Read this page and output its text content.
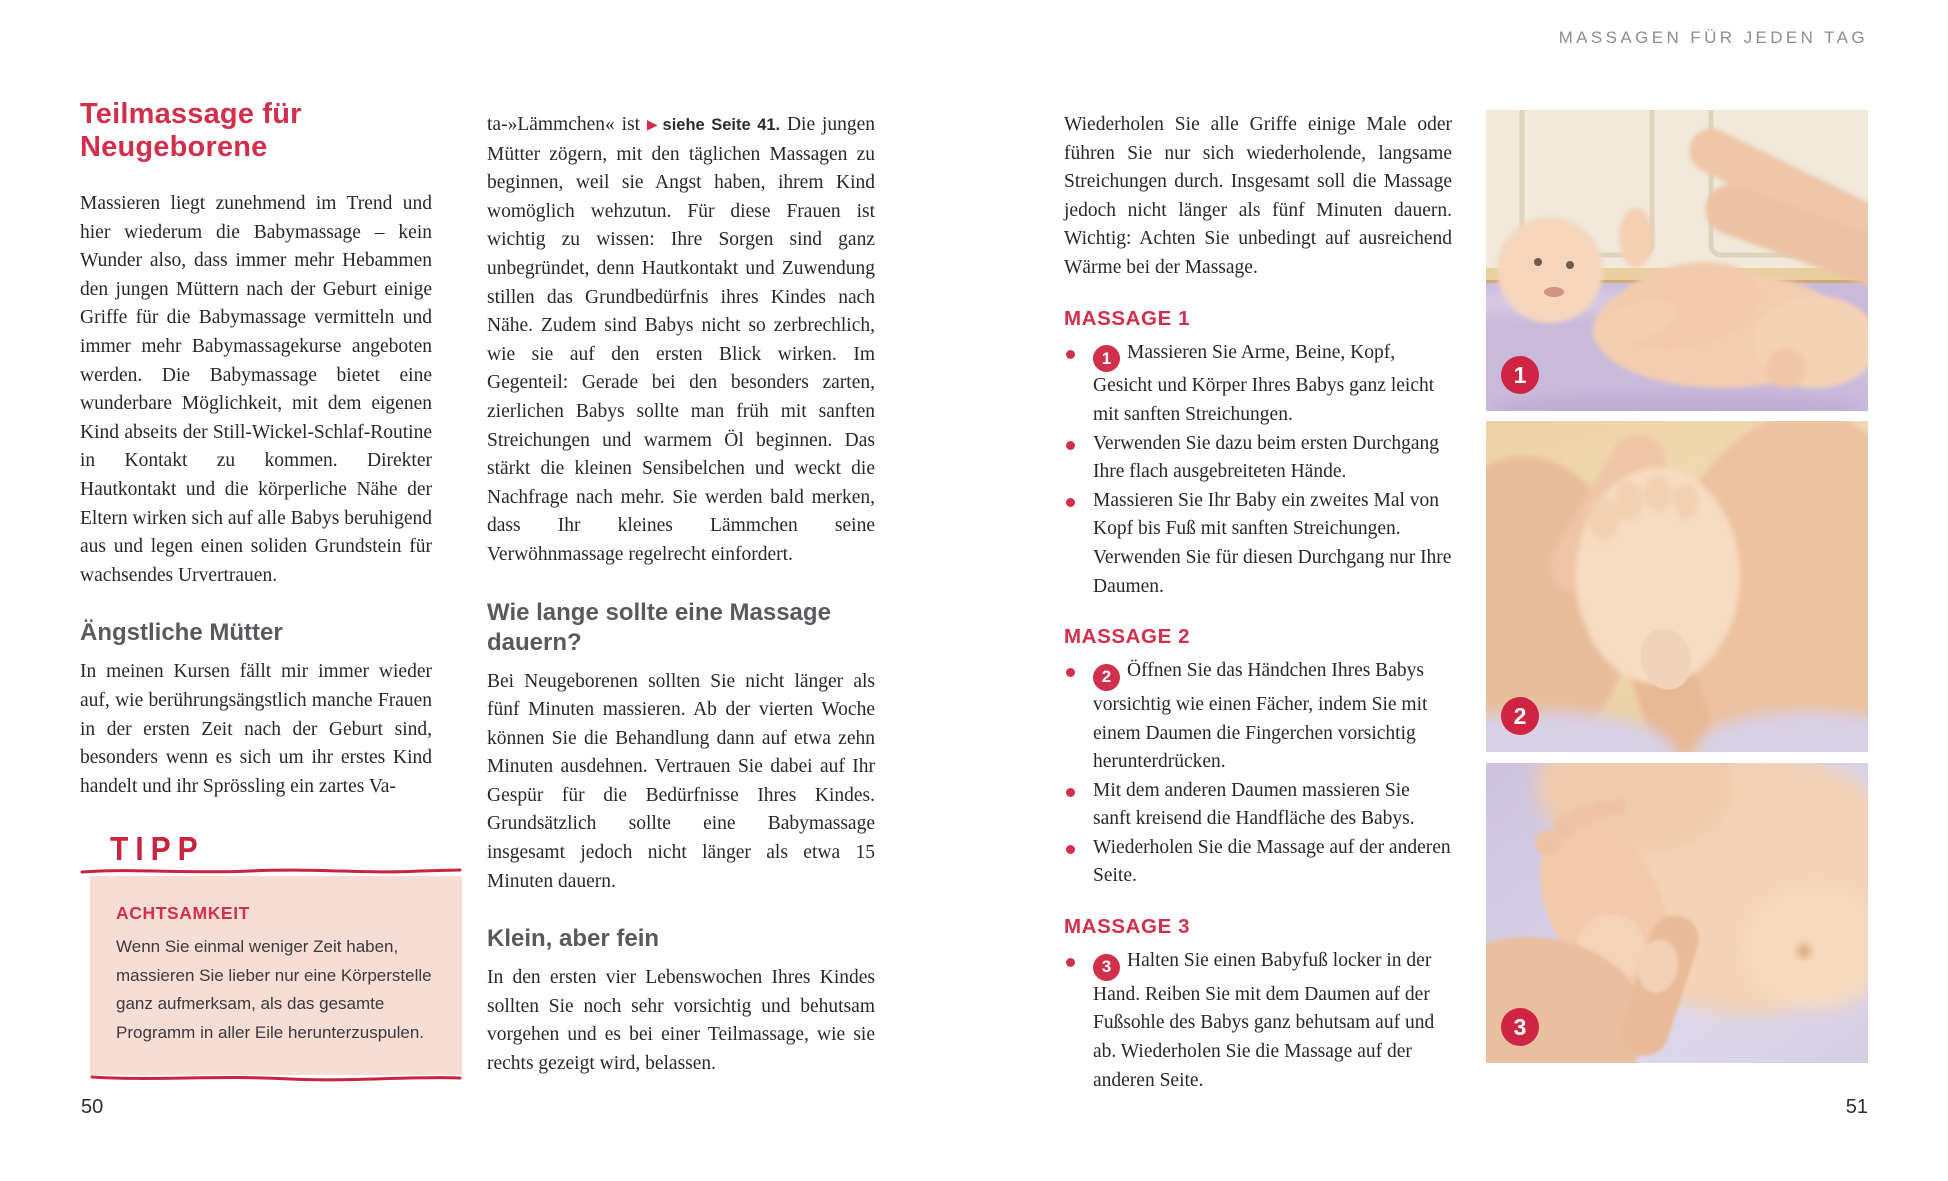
MASSAGEN FÜR JEDEN TAG
Teilmassage für Neugeborene

Massieren liegt zunehmend im Trend und hier wiederum die Babymassage – kein Wunder also, dass immer mehr Hebammen den jungen Müttern nach der Geburt einige Griffe für die Babymassage vermitteln und immer mehr Babymassagekurse angeboten werden. Die Babymassage bietet eine wunderbare Möglichkeit, mit dem eigenen Kind abseits der Still-Wickel-Schlaf-Routine in Kontakt zu kommen. Direkter Hautkontakt und die körperliche Nähe der Eltern wirken sich auf alle Babys beruhigend aus und legen einen soliden Grundstein für wachsendes Urvertrauen.

Ängstliche Mütter

In meinen Kursen fällt mir immer wieder auf, wie berührungsängstlich manche Frauen in der ersten Zeit nach der Geburt sind, besonders wenn es sich um ihr erstes Kind handelt und ihr Sprössling ein zartes Va-

TIPP
ACHTSAMKEIT
Wenn Sie einmal weniger Zeit haben, massieren Sie lieber nur eine Körperstelle ganz aufmerksam, als das gesamte Programm in aller Eile herunterzuspulen.

ta-»Lämmchen« ist ▶ siehe Seite 41. Die jungen Mütter zögern, mit den täglichen Massagen zu beginnen, weil sie Angst haben, ihrem Kind womöglich wehzutun. Für diese Frauen ist wichtig zu wissen: Ihre Sorgen sind ganz unbegründet, denn Hautkontakt und Zuwendung stillen das Grundbedürfnis ihres Kindes nach Nähe. Zudem sind Babys nicht so zerbrechlich, wie sie auf den ersten Blick wirken. Im Gegenteil: Gerade bei den besonders zarten, zierlichen Babys sollte man früh mit sanften Streichungen und warmem Öl beginnen. Das stärkt die kleinen Sensibelchen und weckt die Nachfrage nach mehr. Sie werden bald merken, dass Ihr kleines Lämmchen seine Verwöhnmassage regelrecht einfordert.

Wie lange sollte eine Massage dauern?

Bei Neugeborenen sollten Sie nicht länger als fünf Minuten massieren. Ab der vierten Woche können Sie die Behandlung dann auf etwa zehn Minuten ausdehnen. Vertrauen Sie dabei auf Ihr Gespür für die Bedürfnisse Ihres Kindes. Grundsätzlich sollte eine Babymassage insgesamt jedoch nicht länger als etwa 15 Minuten dauern.

Klein, aber fein

In den ersten vier Lebenswochen Ihres Kindes sollten Sie noch sehr vorsichtig und behutsam vorgehen und es bei einer Teilmassage, wie sie rechts gezeigt wird, belassen.

Wiederholen Sie alle Griffe einige Male oder führen Sie nur sich wiederholende, langsame Streichungen durch. Insgesamt soll die Massage jedoch nicht länger als fünf Minuten dauern. Wichtig: Achten Sie unbedingt auf ausreichend Wärme bei der Massage.

MASSAGE 1
1 Massieren Sie Arme, Beine, Kopf, Gesicht und Körper Ihres Babys ganz leicht mit sanften Streichungen.
Verwenden Sie dazu beim ersten Durchgang Ihre flach ausgebreiteten Hände.
Massieren Sie Ihr Baby ein zweites Mal von Kopf bis Fuß mit sanften Streichungen. Verwenden Sie für diesen Durchgang nur Ihre Daumen.
MASSAGE 2
2 Öffnen Sie das Händchen Ihres Babys vorsichtig wie einen Fächer, indem Sie mit einem Daumen die Fingerchen vorsichtig herunterdrücken.
Mit dem anderen Daumen massieren Sie sanft kreisend die Handfläche des Babys.
Wiederholen Sie die Massage auf der anderen Seite.
MASSAGE 3
3 Halten Sie einen Babyfuß locker in der Hand. Reiben Sie mit dem Daumen auf der Fußsohle des Babys ganz behutsam auf und ab. Wiederholen Sie die Massage auf der anderen Seite.
1
2
3
50	51
